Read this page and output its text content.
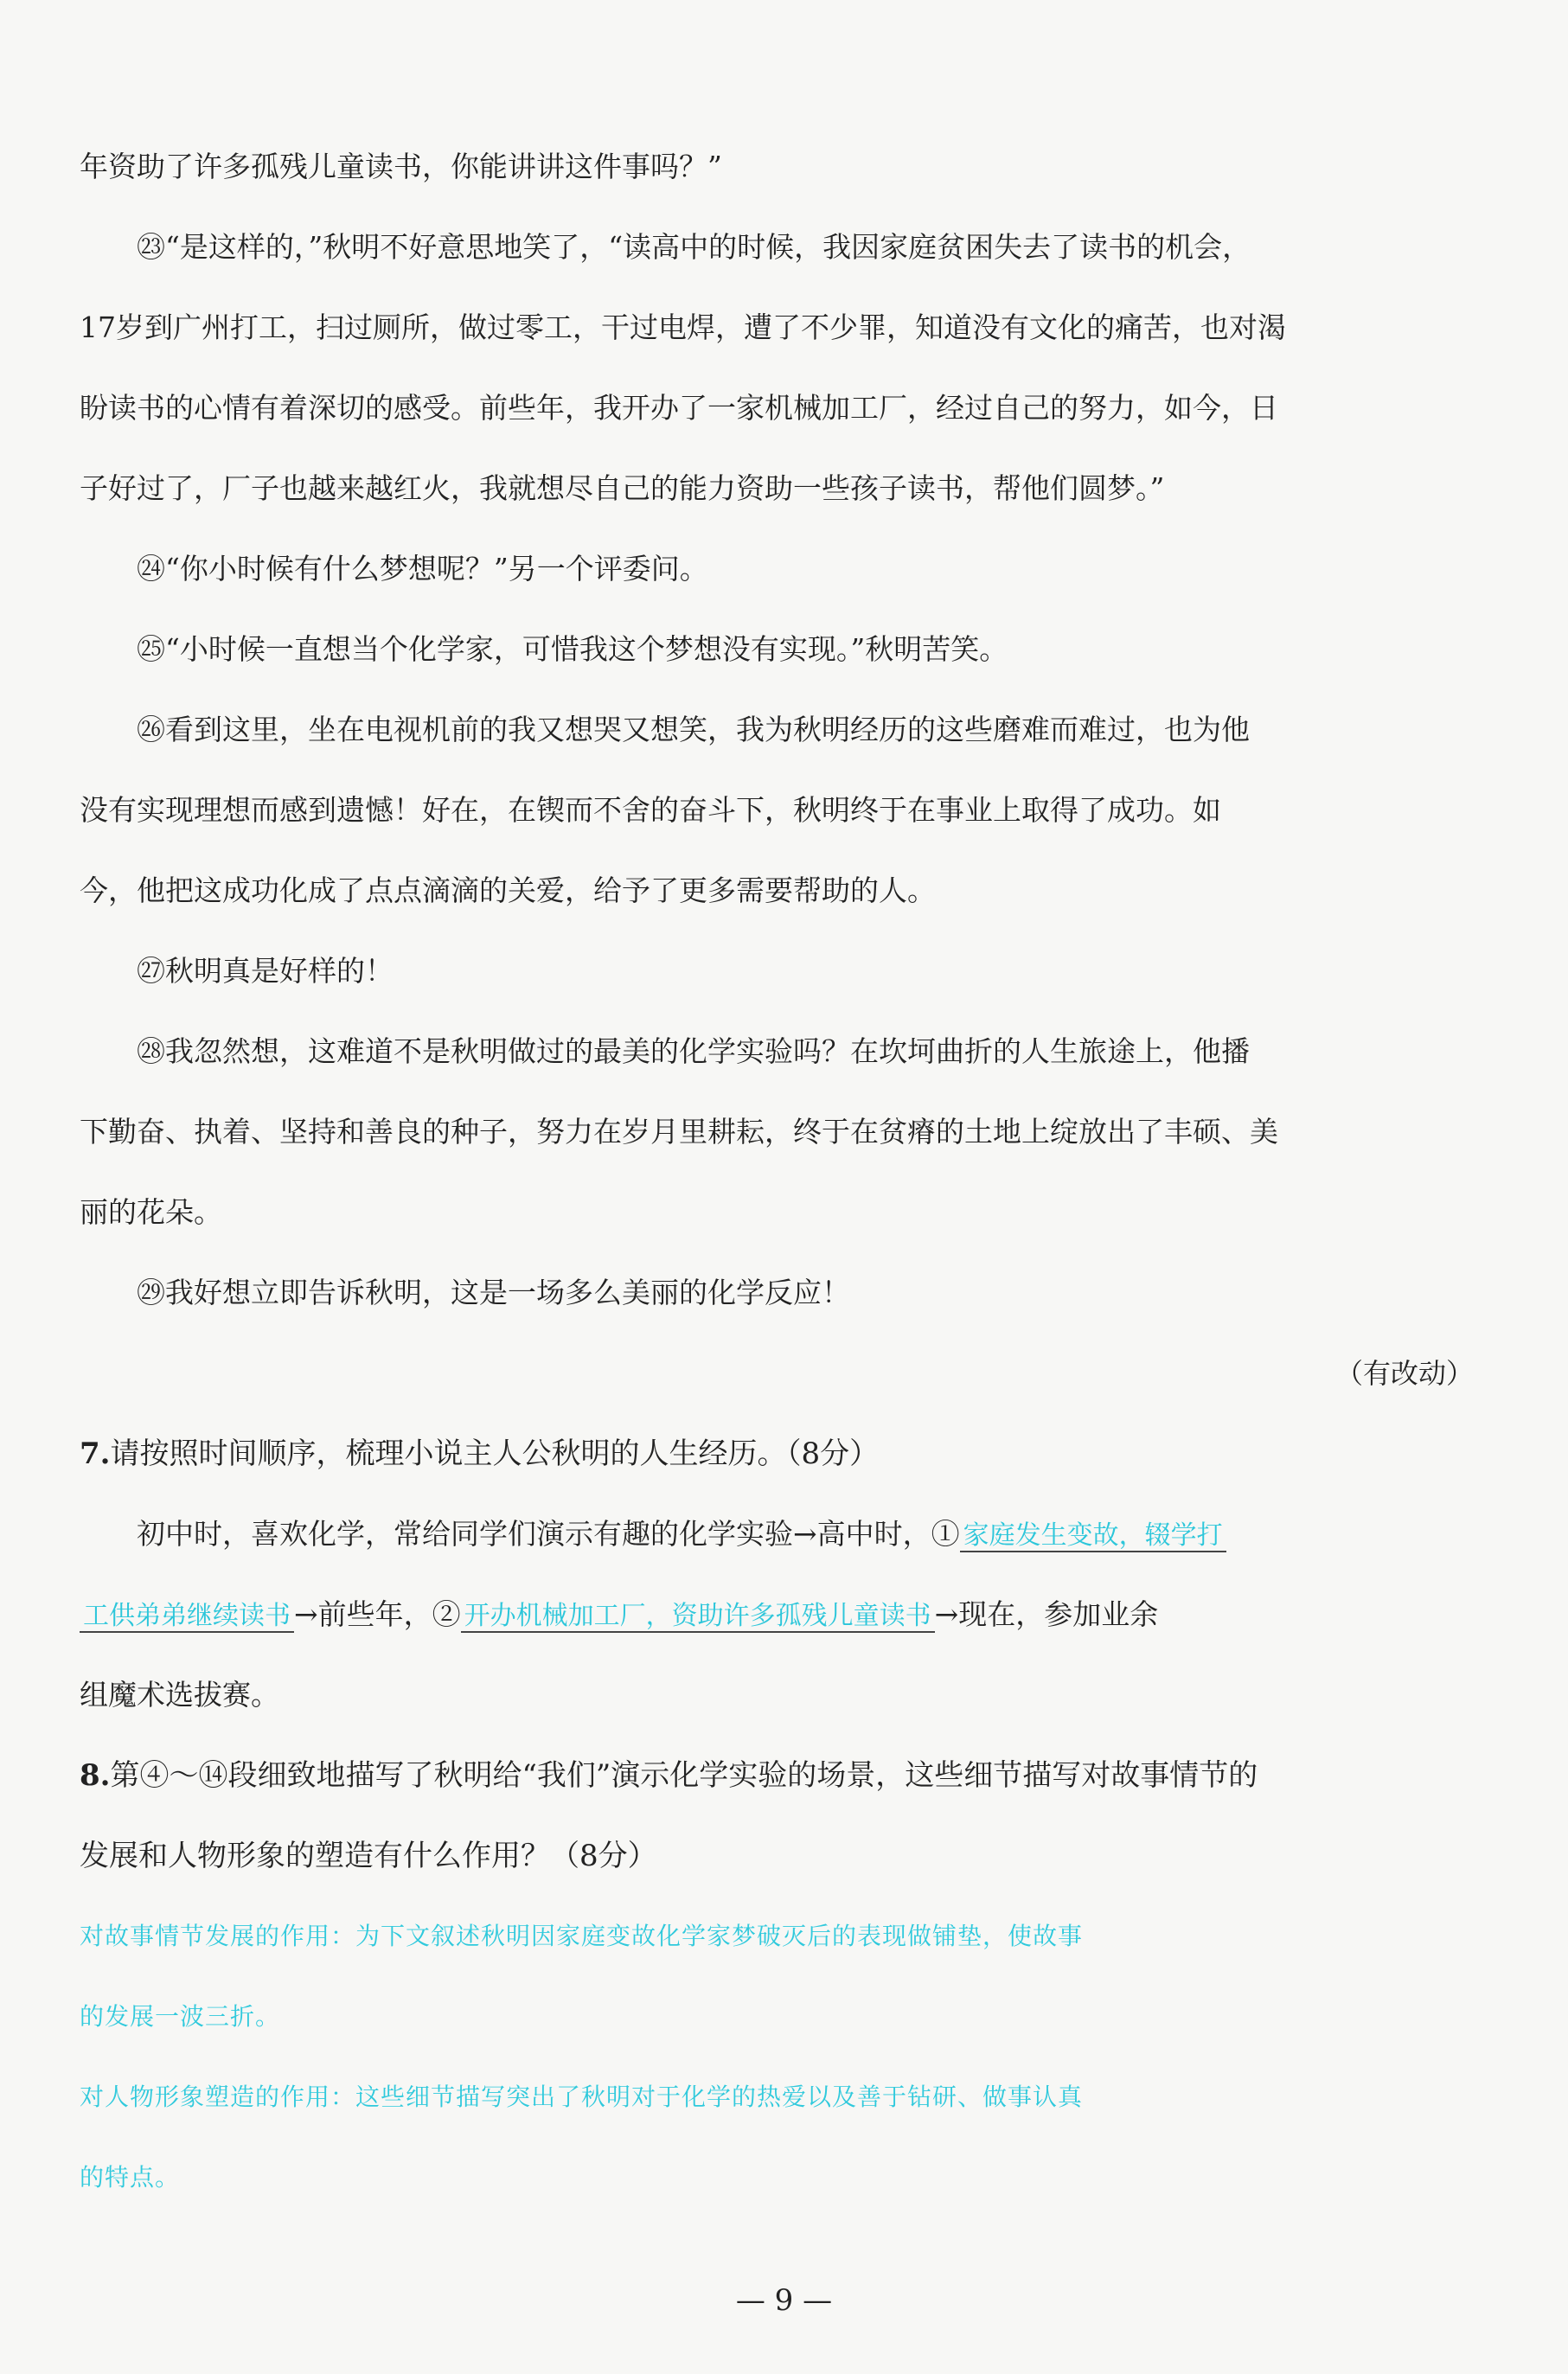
年资助了许多孤残儿童读书，你能讲讲这件事吗？”
㉓“是这样的，”秋明不好意思地笑了，“读高中的时候，我因家庭贫困失去了读书的机会，
17岁到广州打工，扫过厕所，做过零工，干过电焊，遭了不少罪，知道没有文化的痛苦，也对渴
盼读书的心情有着深切的感受。前些年，我开办了一家机械加工厂，经过自己的努力，如今，日
子好过了，厂子也越来越红火，我就想尽自己的能力资助一些孩子读书，帮他们圆梦。”
㉔“你小时候有什么梦想呢？”另一个评委问。
㉕“小时候一直想当个化学家，可惜我这个梦想没有实现。”秋明苦笑。
㉖看到这里，坐在电视机前的我又想哭又想笑，我为秋明经历的这些磨难而难过，也为他
没有实现理想而感到遗憾！好在，在锲而不舍的奋斗下，秋明终于在事业上取得了成功。如
今，他把这成功化成了点点滴滴的关爱，给予了更多需要帮助的人。
㉗秋明真是好样的！
㉘我忽然想，这难道不是秋明做过的最美的化学实验吗？在坎坷曲折的人生旅途上，他播
下勤奋、执着、坚持和善良的种子，努力在岁月里耕耘，终于在贫瘠的土地上绽放出了丰硕、美
丽的花朵。
㉙我好想立即告诉秋明，这是一场多么美丽的化学反应！
（有改动）
7.请按照时间顺序，梳理小说主人公秋明的人生经历。（8分）
初中时，喜欢化学，常给同学们演示有趣的化学实验→高中时，① 家庭发生变故，辍学打
工供弟弟继续读书 →前些年，② 开办机械加工厂，资助许多孤残儿童读书 →现在，参加业余
组魔术选拔赛。
8.第④～⑭段细致地描写了秋明给“我们”演示化学实验的场景，这些细节描写对故事情节的
发展和人物形象的塑造有什么作用？（8分）
对故事情节发展的作用：为下文叙述秋明因家庭变故化学家梦破灭后的表现做铺垫，使故事
的发展一波三折。
对人物形象塑造的作用：这些细节描写突出了秋明对于化学的热爱以及善于钻研、做事认真
的特点。
— 9 —
